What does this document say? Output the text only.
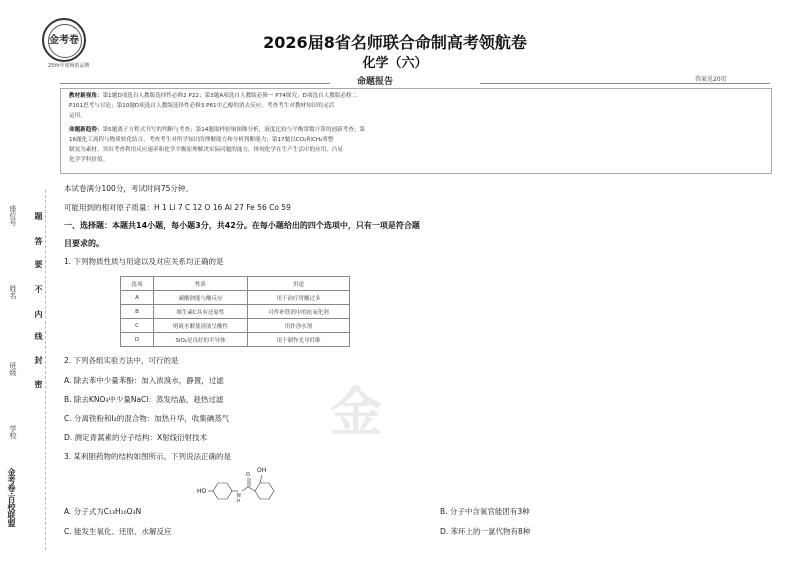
座位号
姓名
班级
学校
金考卷·百校联盟
题
答
要
不
内
线
封
密
金考卷
25th年度畅销品牌
2026届8省名师联合命制高考领航卷
化学（六）
命题报告	答案见20页
教材新视角：第1题D项选自人教版选择性必修2 P22；第3题A项选自人教版必修一 P74探究；D项选自人教版必修二
P101思考与讨论；第10题D项选自人教版选择性必修3 P61中乙醇的消去反应，考查考生对教材知识的灵活
运用。
命题新趋势：第5题离子方程式书写的判断与考查；第14题取样验铜图像分析，液度比较与平衡常数计算的创新考查；第
16题化工流程与物质转化结合，考查考生对所学知识的理解能力和分析判断能力；第17题以CO₂和CH₄重整
制氢为素材，突出考查利用反应速率和化学平衡原理解决实际问题的能力，体现化学在生产生活中的应用，凸显
化学学科价值。
本试卷满分100分，考试时间75分钟。
可能用到的相对原子质量：H 1 Li 7 C 12 O 16 Al 27 Fe 56 Co 59
一、选择题：本题共14小题，每小题3分，共42分。在每小题给出的四个选项中，只有一项是符合题
目要求的。
1. 下列物质性质与用途以及对应关系均正确的是
选项	性质	用途
A	碳酸钠能与酸反应	用于治疗胃酸过多
B	维生素C具有还原性	可作补铁剂中的抗氧化剂
C	明矾水解使溶液呈酸性	用作净水剂
D	SiO₂是良好的半导体	用于制作光导纤维
金
2. 下列各组实验方法中，可行的是
A. 除去苯中少量苯酚：加入浓溴水，静置，过滤
B. 除去KNO₃中少量NaCl：蒸发结晶，趁热过滤
C. 分离铁粉和I₂的混合物：加热升华，收集碘蒸气
D. 测定青蒿素的分子结构：X射线衍射技术
3. 某利胆药物的结构如图所示。下列说法正确的是
HO
N
H
O
OH
A. 分子式为C₁₃H₁₀O₃N	B. 分子中含氧官能团有3种
C. 能发生氧化、还原、水解反应	D. 苯环上的一氯代物有8种
